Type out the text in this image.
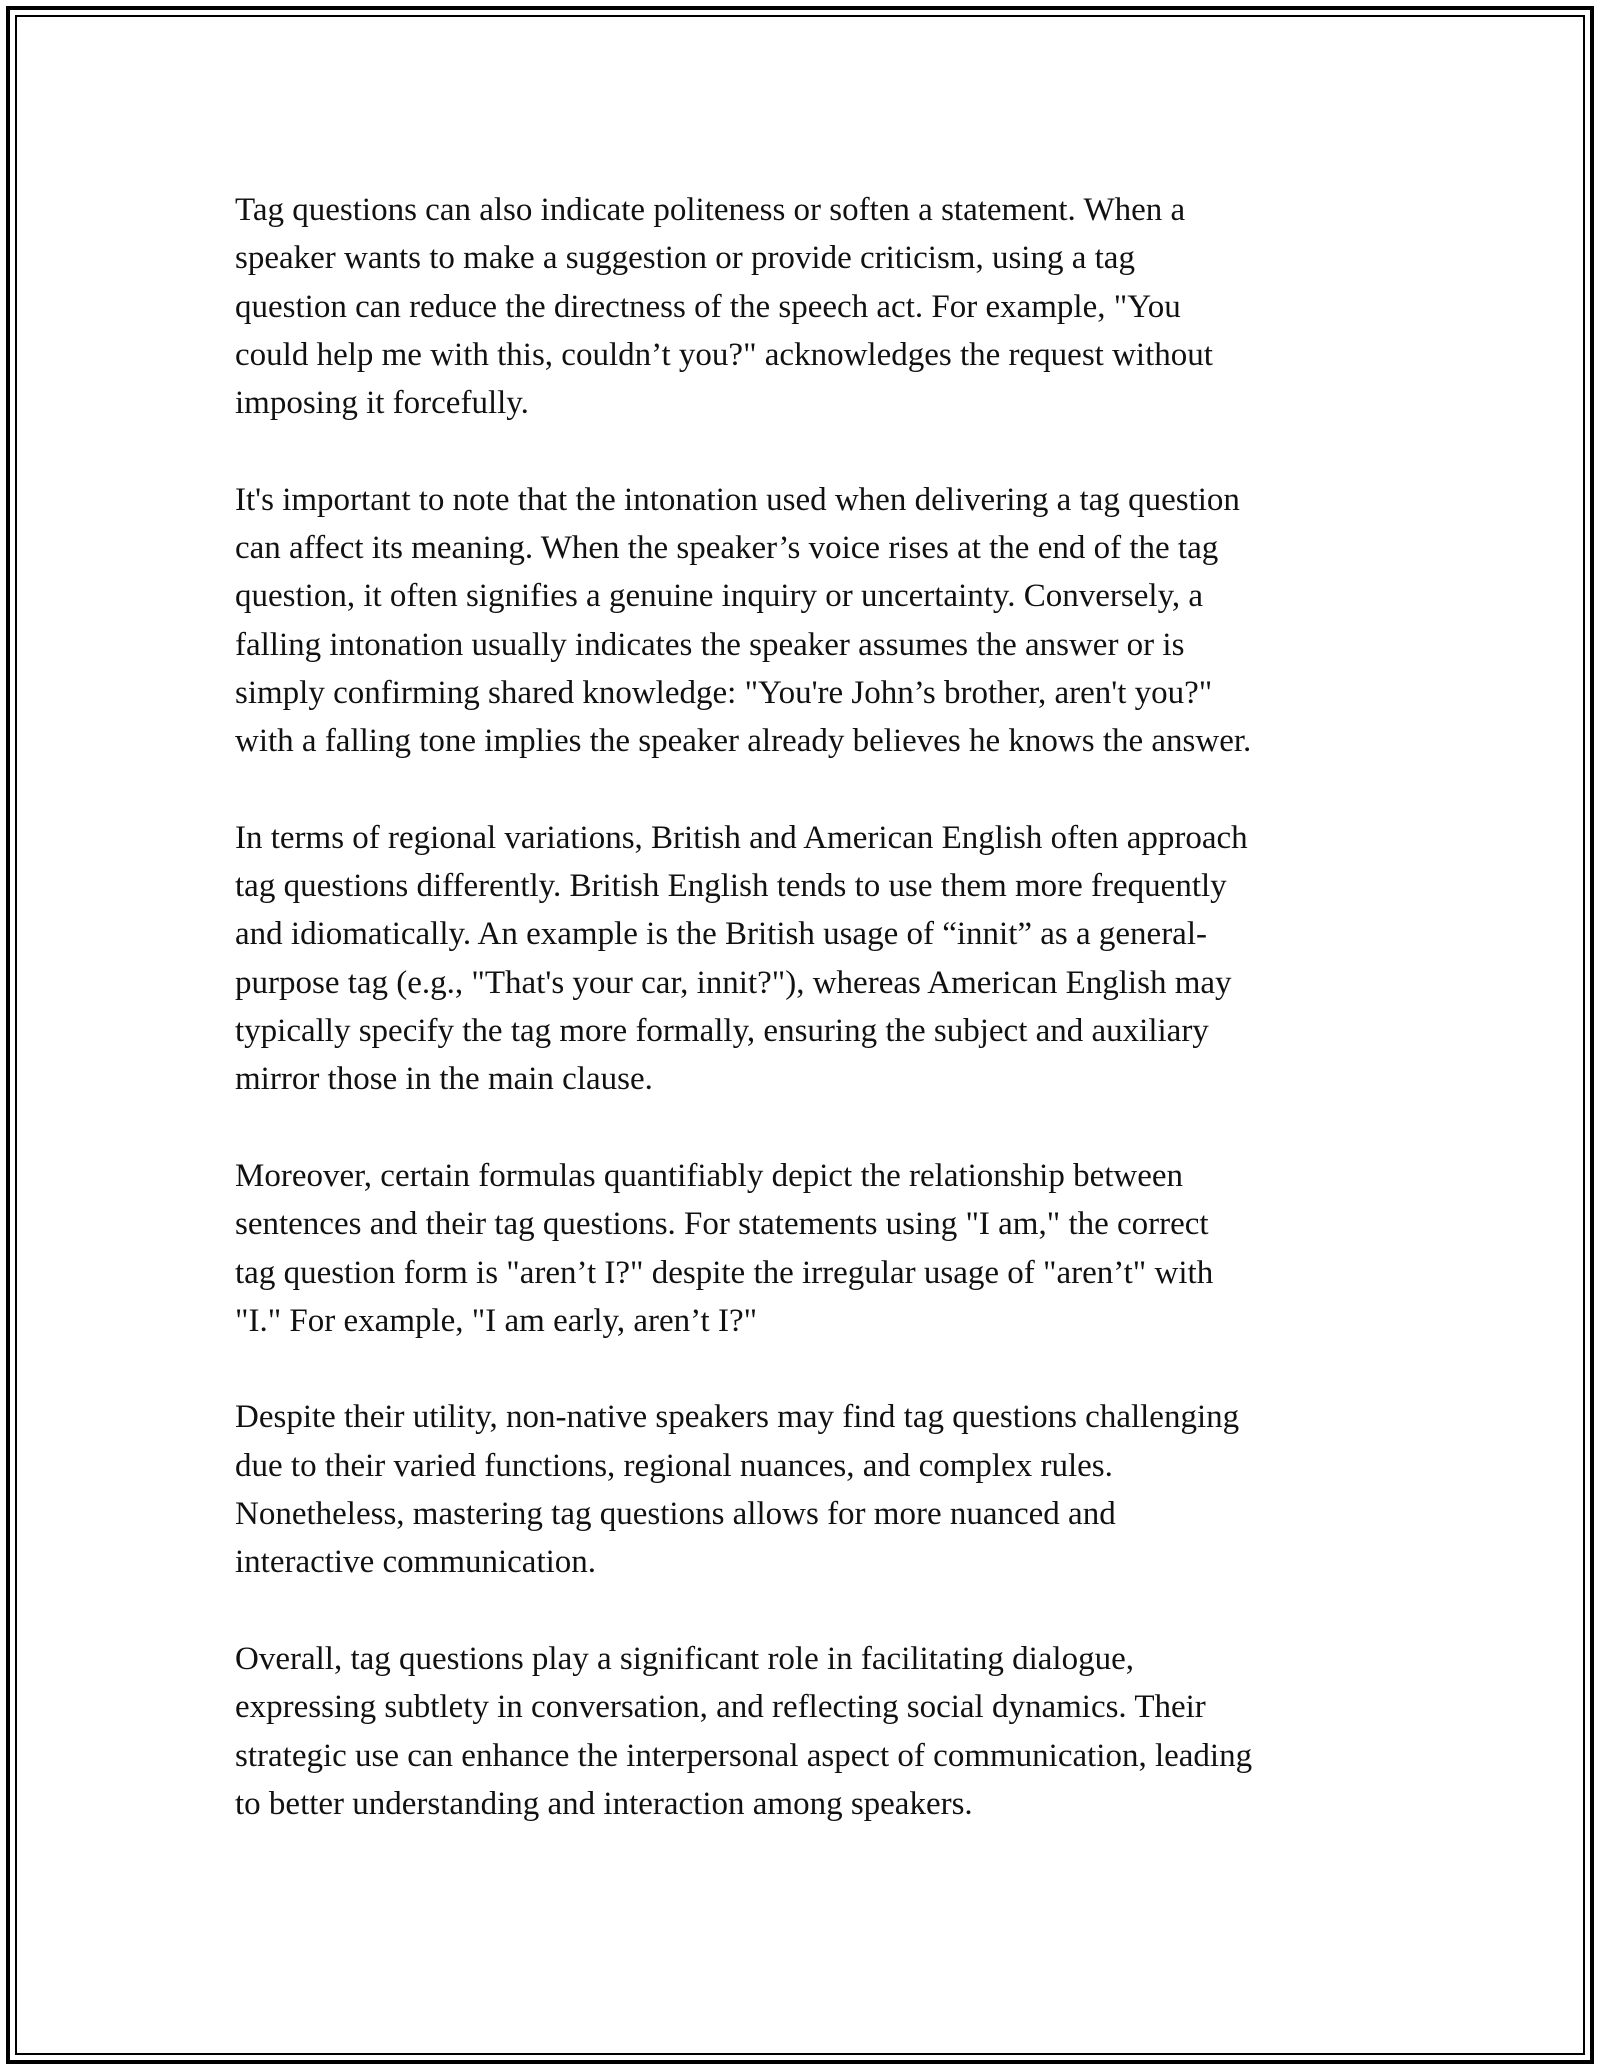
Tag questions can also indicate politeness or soften a statement. When a
speaker wants to make a suggestion or provide criticism, using a tag
question can reduce the directness of the speech act. For example, "You
could help me with this, couldn’t you?" acknowledges the request without
imposing it forcefully.

It's important to note that the intonation used when delivering a tag question
can affect its meaning. When the speaker’s voice rises at the end of the tag
question, it often signifies a genuine inquiry or uncertainty. Conversely, a
falling intonation usually indicates the speaker assumes the answer or is
simply confirming shared knowledge: "You're John’s brother, aren't you?"
with a falling tone implies the speaker already believes he knows the answer.

In terms of regional variations, British and American English often approach
tag questions differently. British English tends to use them more frequently
and idiomatically. An example is the British usage of “innit” as a general-
purpose tag (e.g., "That's your car, innit?"), whereas American English may
typically specify the tag more formally, ensuring the subject and auxiliary
mirror those in the main clause.

Moreover, certain formulas quantifiably depict the relationship between
sentences and their tag questions. For statements using "I am," the correct
tag question form is "aren’t I?" despite the irregular usage of "aren’t" with
"I." For example, "I am early, aren’t I?"

Despite their utility, non-native speakers may find tag questions challenging
due to their varied functions, regional nuances, and complex rules.
Nonetheless, mastering tag questions allows for more nuanced and
interactive communication.

Overall, tag questions play a significant role in facilitating dialogue,
expressing subtlety in conversation, and reflecting social dynamics. Their
strategic use can enhance the interpersonal aspect of communication, leading
to better understanding and interaction among speakers.
